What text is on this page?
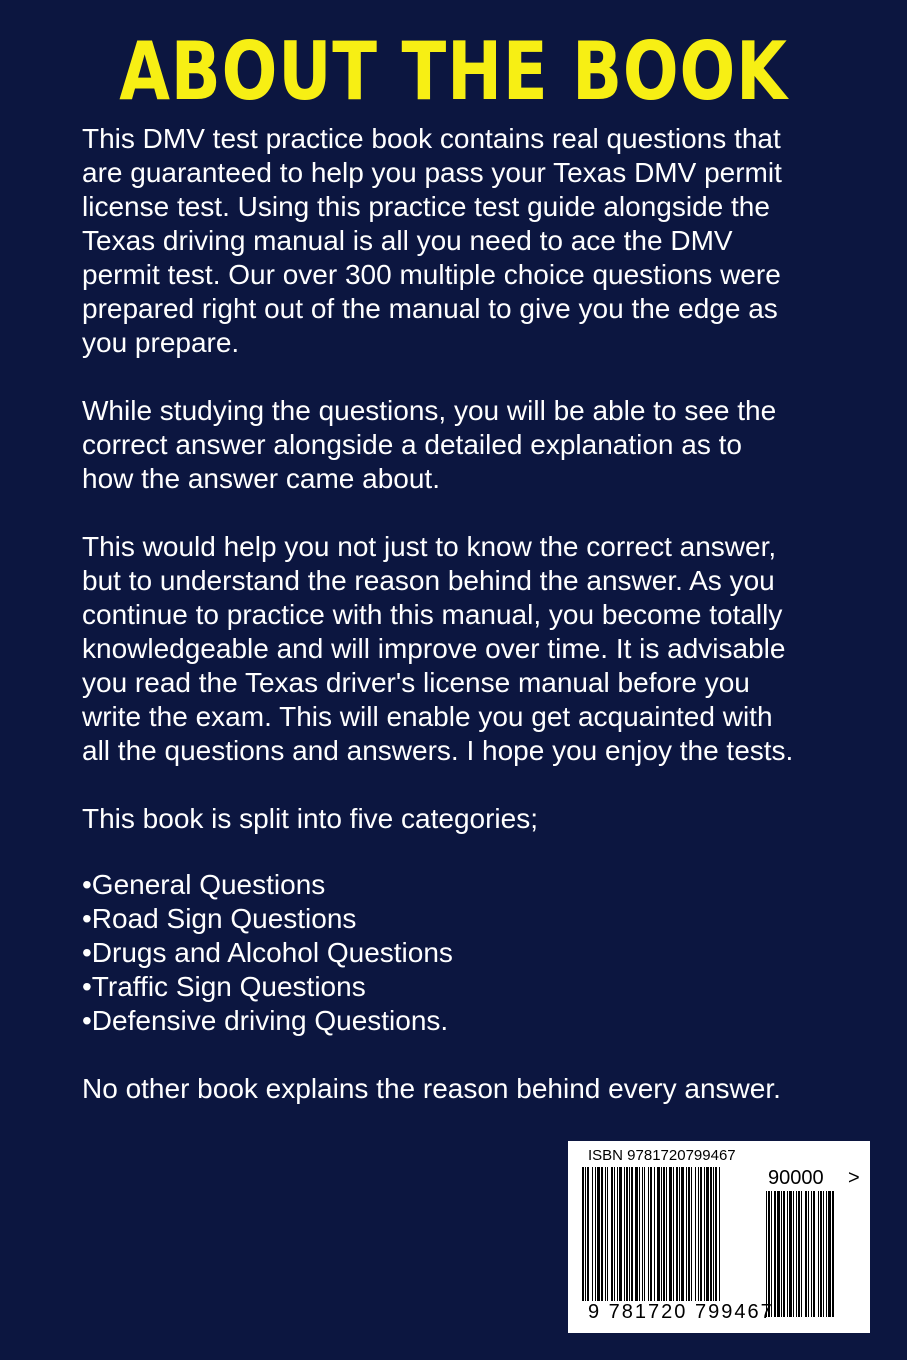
ABOUT THE BOOK

This DMV test practice book contains real questions that
are guaranteed to help you pass your Texas DMV permit
license test. Using this practice test guide alongside the
Texas driving manual is all you need to ace the DMV
permit test. Our over 300 multiple choice questions were
prepared right out of the manual to give you the edge as
you prepare.

While studying the questions, you will be able to see the
correct answer alongside a detailed explanation as to
how the answer came about.

This would help you not just to know the correct answer,
but to understand the reason behind the answer. As you
continue to practice with this manual, you become totally
knowledgeable and will improve over time. It is advisable
you read the Texas driver's license manual before you
write the exam. This will enable you get acquainted with
all the questions and answers. I hope you enjoy the tests.

This book is split into five categories;

•General Questions
•Road Sign Questions
•Drugs and Alcohol Questions
•Traffic Sign Questions
•Defensive driving Questions.

No other book explains the reason behind every answer.

ISBN 9781720799467
90000 >
9 781720 799467
